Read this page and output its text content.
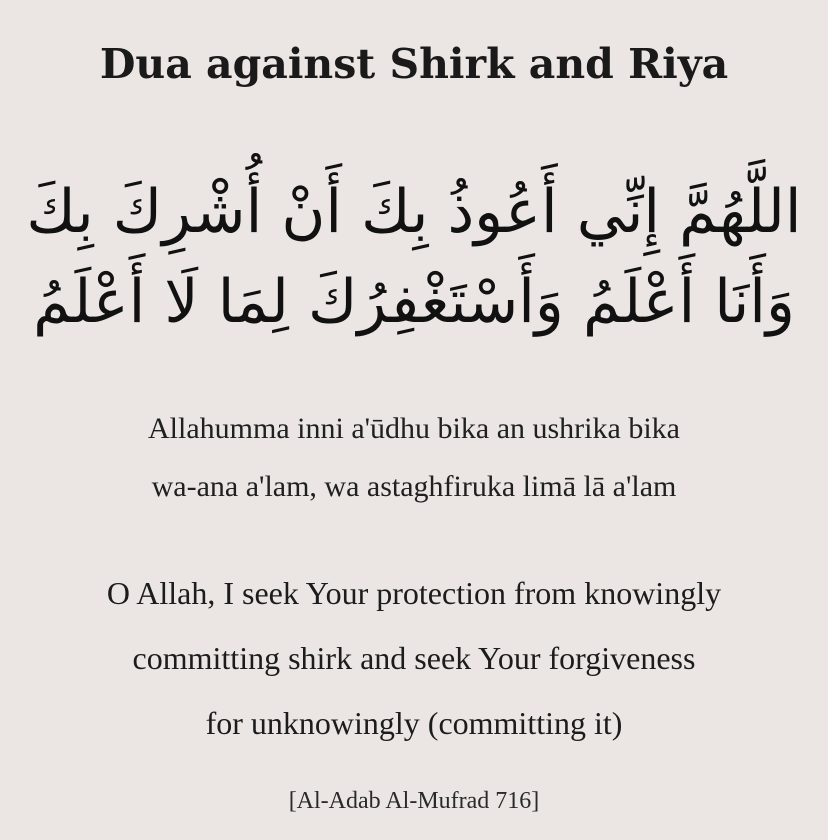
Dua against Shirk and Riya
اللَّهُمَّ إِنِّي أَعُوذُ بِكَ أَنْ أُشْرِكَ بِكَ
وَأَنَا أَعْلَمُ وَأَسْتَغْفِرُكَ لِمَا لَا أَعْلَمُ
Allahumma inni a'ūdhu bika an ushrika bika
wa-ana a'lam, wa astaghfiruka limā lā a'lam
O Allah, I seek Your protection from knowingly
committing shirk and seek Your forgiveness
for unknowingly (committing it)
[Al-Adab Al-Mufrad 716]
